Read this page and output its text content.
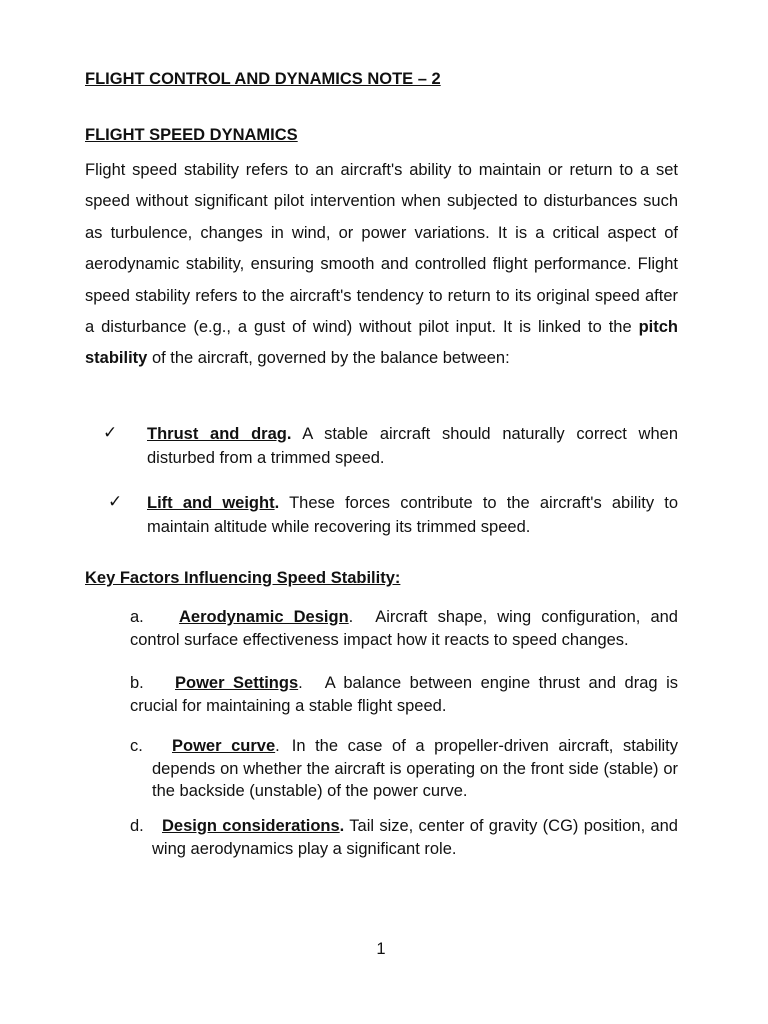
FLIGHT CONTROL AND DYNAMICS NOTE – 2
FLIGHT SPEED DYNAMICS

Flight speed stability refers to an aircraft's ability to maintain or return to a set speed without significant pilot intervention when subjected to disturbances such as turbulence, changes in wind, or power variations. It is a critical aspect of aerodynamic stability, ensuring smooth and controlled flight performance. Flight speed stability refers to the aircraft's tendency to return to its original speed after a disturbance (e.g., a gust of wind) without pilot input. It is linked to the pitch stability of the aircraft, governed by the balance between:

✓ Thrust and drag. A stable aircraft should naturally correct when disturbed from a trimmed speed.

✓ Lift and weight. These forces contribute to the aircraft's ability to maintain altitude while recovering its trimmed speed.

Key Factors Influencing Speed Stability:

a. Aerodynamic Design. Aircraft shape, wing configuration, and control surface effectiveness impact how it reacts to speed changes.

b. Power Settings. A balance between engine thrust and drag is crucial for maintaining a stable flight speed.

c. Power curve. In the case of a propeller-driven aircraft, stability depends on whether the aircraft is operating on the front side (stable) or the backside (unstable) of the power curve.

d. Design considerations. Tail size, center of gravity (CG) position, and wing aerodynamics play a significant role.

1
